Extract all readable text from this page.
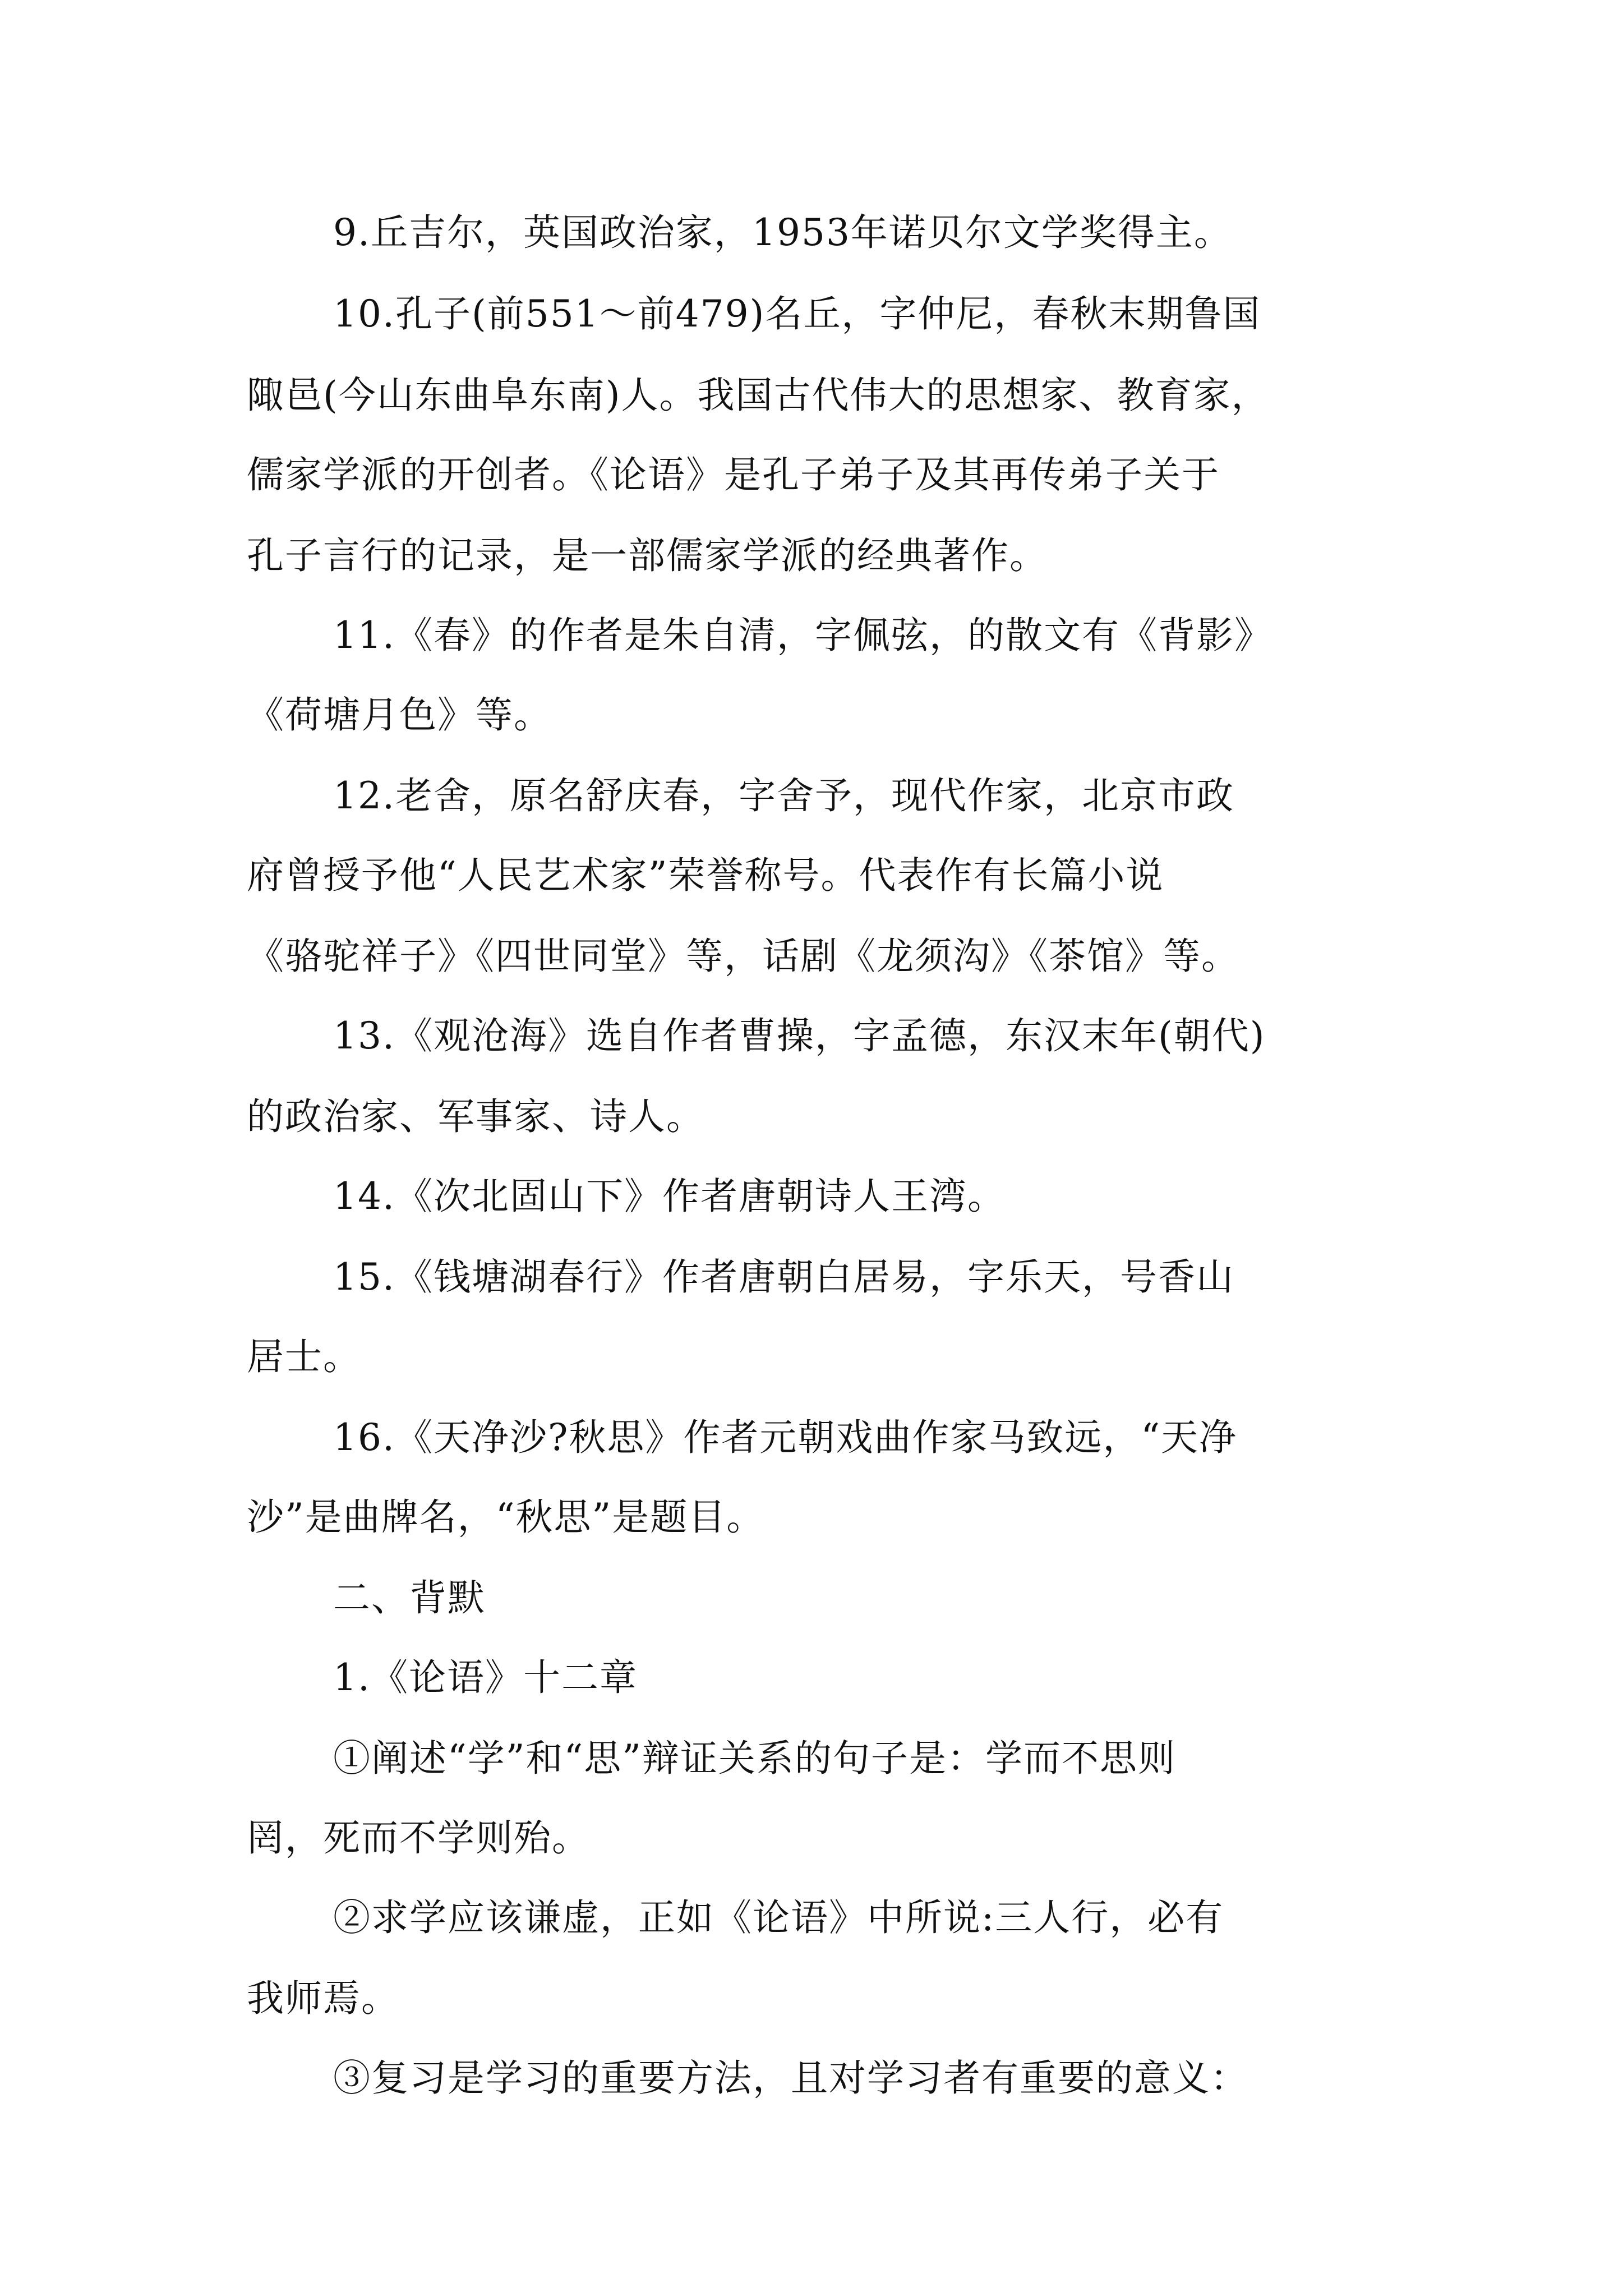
9.丘吉尔，英国政治家，1953年诺贝尔文学奖得主。

10.孔子(前551～前479)名丘，字仲尼，春秋末期鲁国

陬邑(今山东曲阜东南)人。我国古代伟大的思想家、教育家，

儒家学派的开创者。《论语》是孔子弟子及其再传弟子关于

孔子言行的记录，是一部儒家学派的经典著作。

11.《春》的作者是朱自清，字佩弦，的散文有《背影》

《荷塘月色》等。

12.老舍，原名舒庆春，字舍予，现代作家，北京市政

府曾授予他“人民艺术家”荣誉称号。代表作有长篇小说

《骆驼祥子》《四世同堂》等，话剧《龙须沟》《茶馆》等。

13.《观沧海》选自作者曹操，字孟德，东汉末年(朝代)

的政治家、军事家、诗人。

14.《次北固山下》作者唐朝诗人王湾。

15.《钱塘湖春行》作者唐朝白居易，字乐天，号香山

居士。

16.《天净沙?秋思》作者元朝戏曲作家马致远，“天净

沙”是曲牌名，“秋思”是题目。

二、背默

1.《论语》十二章

①阐述“学”和“思”辩证关系的句子是：学而不思则

罔，死而不学则殆。

②求学应该谦虚，正如《论语》中所说:三人行，必有

我师焉。

③复习是学习的重要方法，且对学习者有重要的意义：
